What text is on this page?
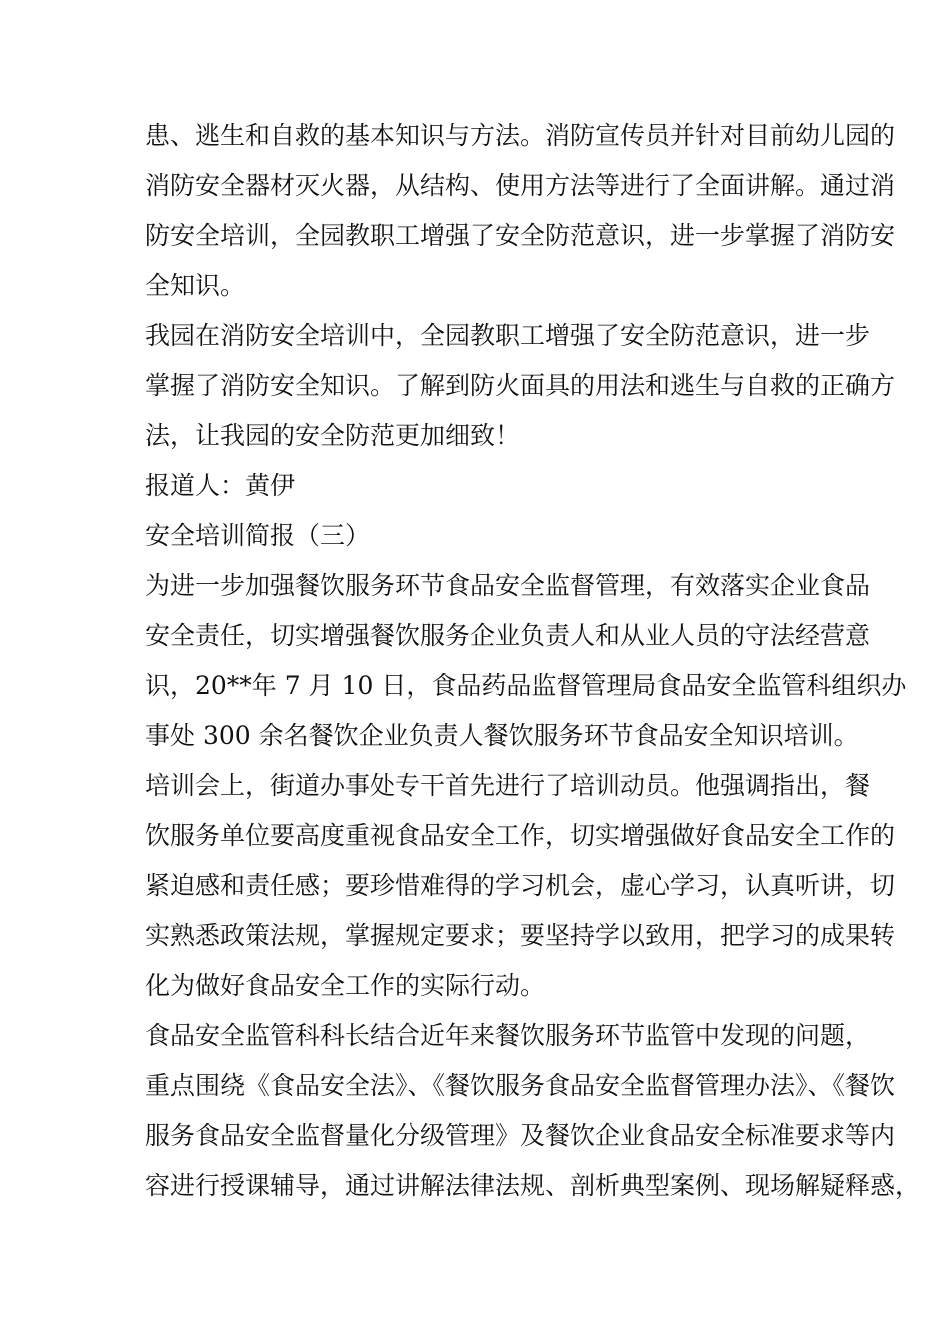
患、逃生和自救的基本知识与方法。消防宣传员并针对目前幼儿园的
消防安全器材灭火器，从结构、使用方法等进行了全面讲解。通过消
防安全培训，全园教职工增强了安全防范意识，进一步掌握了消防安
全知识。
我园在消防安全培训中，全园教职工增强了安全防范意识，进一步
掌握了消防安全知识。了解到防火面具的用法和逃生与自救的正确方
法，让我园的安全防范更加细致！
报道人：黄伊
安全培训简报（三）
为进一步加强餐饮服务环节食品安全监督管理，有效落实企业食品
安全责任，切实增强餐饮服务企业负责人和从业人员的守法经营意
识，20**年 7 月 10 日，食品药品监督管理局食品安全监管科组织办
事处 300 余名餐饮企业负责人餐饮服务环节食品安全知识培训。
培训会上，街道办事处专干首先进行了培训动员。他强调指出，餐
饮服务单位要高度重视食品安全工作，切实增强做好食品安全工作的
紧迫感和责任感；要珍惜难得的学习机会，虚心学习，认真听讲，切
实熟悉政策法规，掌握规定要求；要坚持学以致用，把学习的成果转
化为做好食品安全工作的实际行动。
食品安全监管科科长结合近年来餐饮服务环节监管中发现的问题，
重点围绕《食品安全法》、《餐饮服务食品安全监督管理办法》、《餐饮
服务食品安全监督量化分级管理》及餐饮企业食品安全标准要求等内
容进行授课辅导，通过讲解法律法规、剖析典型案例、现场解疑释惑，
